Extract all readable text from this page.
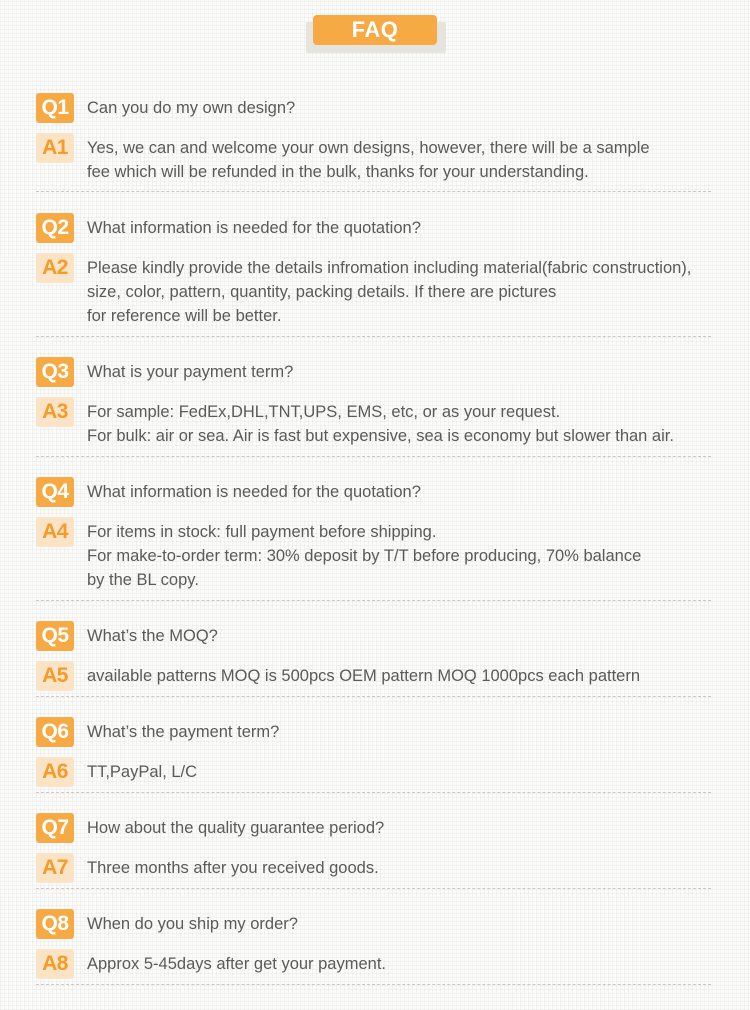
FAQ
Q1	Can you do my own design?
A1	Yes, we can and welcome your own designs, however, there will be a sample
fee which will be refunded in the bulk, thanks for your understanding.
Q2	What information is needed for the quotation?
A2	Please kindly provide the details infromation including material(fabric construction),
size, color, pattern, quantity, packing details. If there are pictures
for reference will be better.
Q3	What is your payment term?
A3	For sample: FedEx,DHL,TNT,UPS, EMS, etc, or as your request.
For bulk: air or sea. Air is fast but expensive, sea is economy but slower than air.
Q4	What information is needed for the quotation?
A4	For items in stock: full payment before shipping.
For make-to-order term: 30% deposit by T/T before producing, 70% balance
by the BL copy.
Q5	What’s the MOQ?
A5	available patterns MOQ is 500pcs OEM pattern MOQ 1000pcs each pattern
Q6	What’s the payment term?
A6	TT,PayPal, L/C
Q7	How about the quality guarantee period?
A7	Three months after you received goods.
Q8	When do you ship my order?
A8	Approx 5-45days after get your payment.
